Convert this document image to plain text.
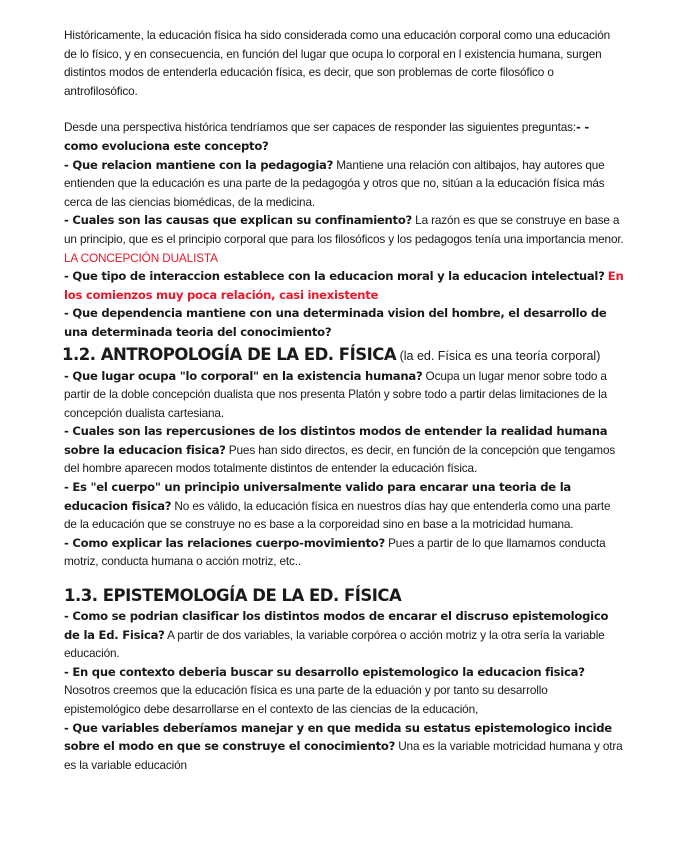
Históricamente, la educación física ha sido considerada como una educación corporal como una educación de lo físico, y en consecuencia, en función del lugar que ocupa lo corporal en l existencia humana, surgen distintos modos de entenderla educación física, es decir, que son problemas de corte filosófico o antrofilosófico.

Desde una perspectiva histórica tendríamos que ser capaces de responder las siguientes preguntas:- - como evoluciona este concepto?

- Que relacion mantiene con la pedagogia? Mantiene una relación con altibajos, hay autores que entienden que la educación es una parte de la pedagogóa y otros que no, sitúan a la educación física más cerca de las ciencias biomédicas, de la medicina.

- Cuales son las causas que explican su confinamiento? La razón es que se construye en base a un principio, que es el principio corporal que para los filosóficos y los pedagogos tenía una importancia menor. LA CONCEPCIÓN DUALISTA

- Que tipo de interaccion establece con la educacion moral y la educacion intelectual? En los comienzos muy poca relación, casi inexistente

- Que dependencia mantiene con una determinada vision del hombre, el desarrollo de una determinada teoria del conocimiento?

1.2. ANTROPOLOGÍA DE LA ED. FÍSICA (la ed. Física es una teoría corporal)

- Que lugar ocupa "lo corporal" en la existencia humana? Ocupa un lugar menor sobre todo a partir de la doble concepción dualista que nos presenta Platón y sobre todo a partir delas limitaciones de la concepción dualista cartesiana.

- Cuales son las repercusiones de los distintos modos de entender la realidad humana sobre la educacion fisica? Pues han sido directos, es decir, en función de la concepción que tengamos del hombre aparecen modos totalmente distintos de entender la educación física.

- Es "el cuerpo" un principio universalmente valido para encarar una teoria de la educacion fisica? No es válido, la educación física en nuestros días hay que entenderla como una parte de la educación que se construye no es base a la corporeidad sino en base a la motricidad humana.

- Como explicar las relaciones cuerpo-movimiento? Pues a partir de lo que llamamos conducta motriz, conducta humana o acción motriz, etc..

1.3. EPISTEMOLOGÍA DE LA ED. FÍSICA

- Como se podrian clasificar los distintos modos de encarar el discruso epistemologico de la Ed. Fisica? A partir de dos variables, la variable corpórea o acción motriz y la otra sería la variable educación.

- En que contexto deberia buscar su desarrollo epistemologico la educacion fisica? Nosotros creemos que la educación física es una parte de la eduación y por tanto su desarrollo epistemológico debe desarrollarse en el contexto de las ciencias de la educación,

- Que variables deberíamos manejar y en que medida su estatus epistemologico incide sobre el modo en que se construye el conocimiento? Una es la variable motricidad humana y otra es la variable educación
